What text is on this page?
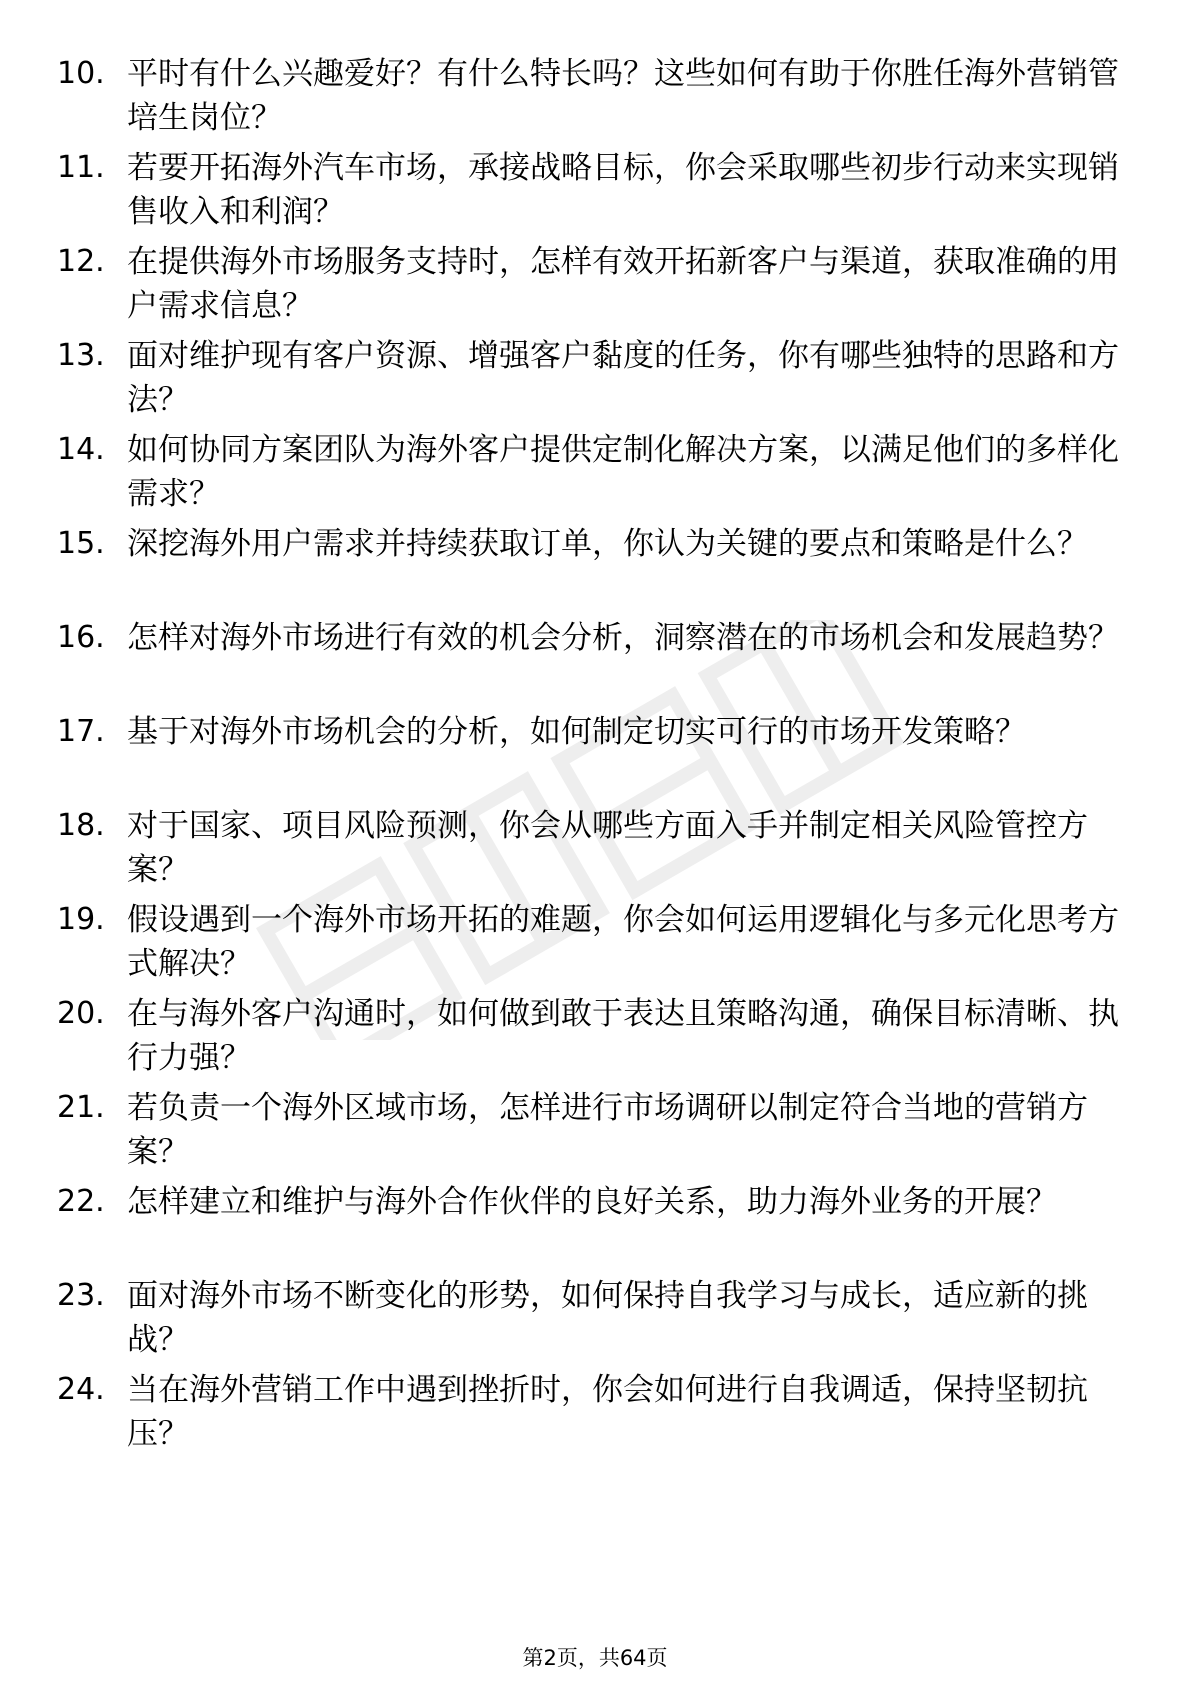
10. 平时有什么兴趣爱好？有什么特长吗？这些如何有助于你胜任海外营销管培生岗位？
11. 若要开拓海外汽车市场，承接战略目标，你会采取哪些初步行动来实现销售收入和利润？
12. 在提供海外市场服务支持时，怎样有效开拓新客户与渠道，获取准确的用户需求信息？
13. 面对维护现有客户资源、增强客户黏度的任务，你有哪些独特的思路和方法？
14. 如何协同方案团队为海外客户提供定制化解决方案，以满足他们的多样化需求？
15. 深挖海外用户需求并持续获取订单，你认为关键的要点和策略是什么？
16. 怎样对海外市场进行有效的机会分析，洞察潜在的市场机会和发展趋势？
17. 基于对海外市场机会的分析，如何制定切实可行的市场开发策略？
18. 对于国家、项目风险预测，你会从哪些方面入手并制定相关风险管控方案？
19. 假设遇到一个海外市场开拓的难题，你会如何运用逻辑化与多元化思考方式解决？
20. 在与海外客户沟通时，如何做到敢于表达且策略沟通，确保目标清晰、执行力强？
21. 若负责一个海外区域市场，怎样进行市场调研以制定符合当地的营销方案？
22. 怎样建立和维护与海外合作伙伴的良好关系，助力海外业务的开展？
23. 面对海外市场不断变化的形势，如何保持自我学习与成长，适应新的挑战？
24. 当在海外营销工作中遇到挫折时，你会如何进行自我调适，保持坚韧抗压？
第2页，共64页
